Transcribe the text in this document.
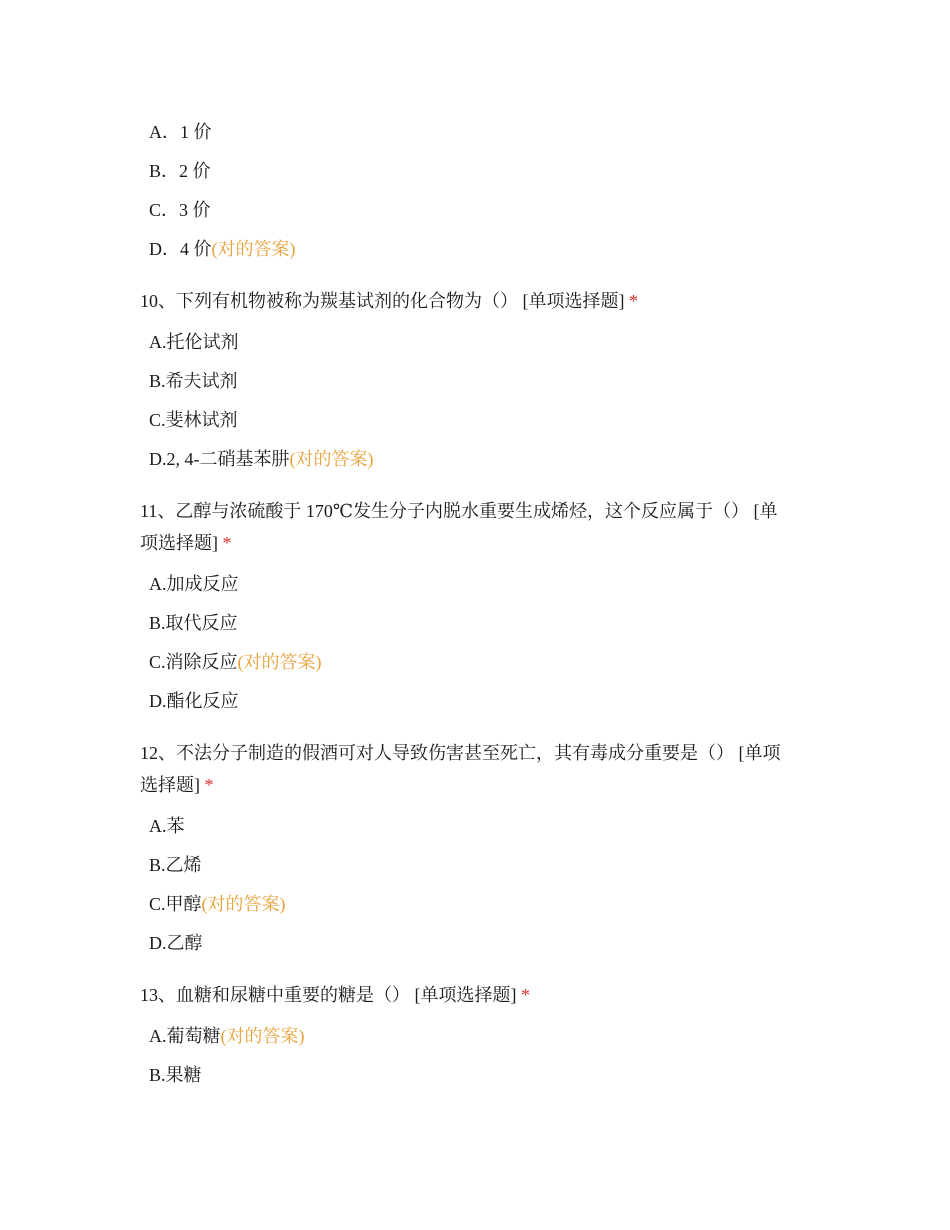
A．1 价
B．2 价
C．3 价
D．4 价(对的答案)
10、下列有机物被称为羰基试剂的化合物为（） [单项选择题] *
A.托伦试剂
B.希夫试剂
C.斐林试剂
D.2, 4-二硝基苯肼(对的答案)
11、乙醇与浓硫酸于 170℃发生分子内脱水重要生成烯烃，这个反应属于（） [单
项选择题] *
A.加成反应
B.取代反应
C.消除反应(对的答案)
D.酯化反应
12、不法分子制造的假酒可对人导致伤害甚至死亡，其有毒成分重要是（） [单项
选择题] *
A.苯
B.乙烯
C.甲醇(对的答案)
D.乙醇
13、血糖和尿糖中重要的糖是（） [单项选择题] *
A.葡萄糖(对的答案)
B.果糖
